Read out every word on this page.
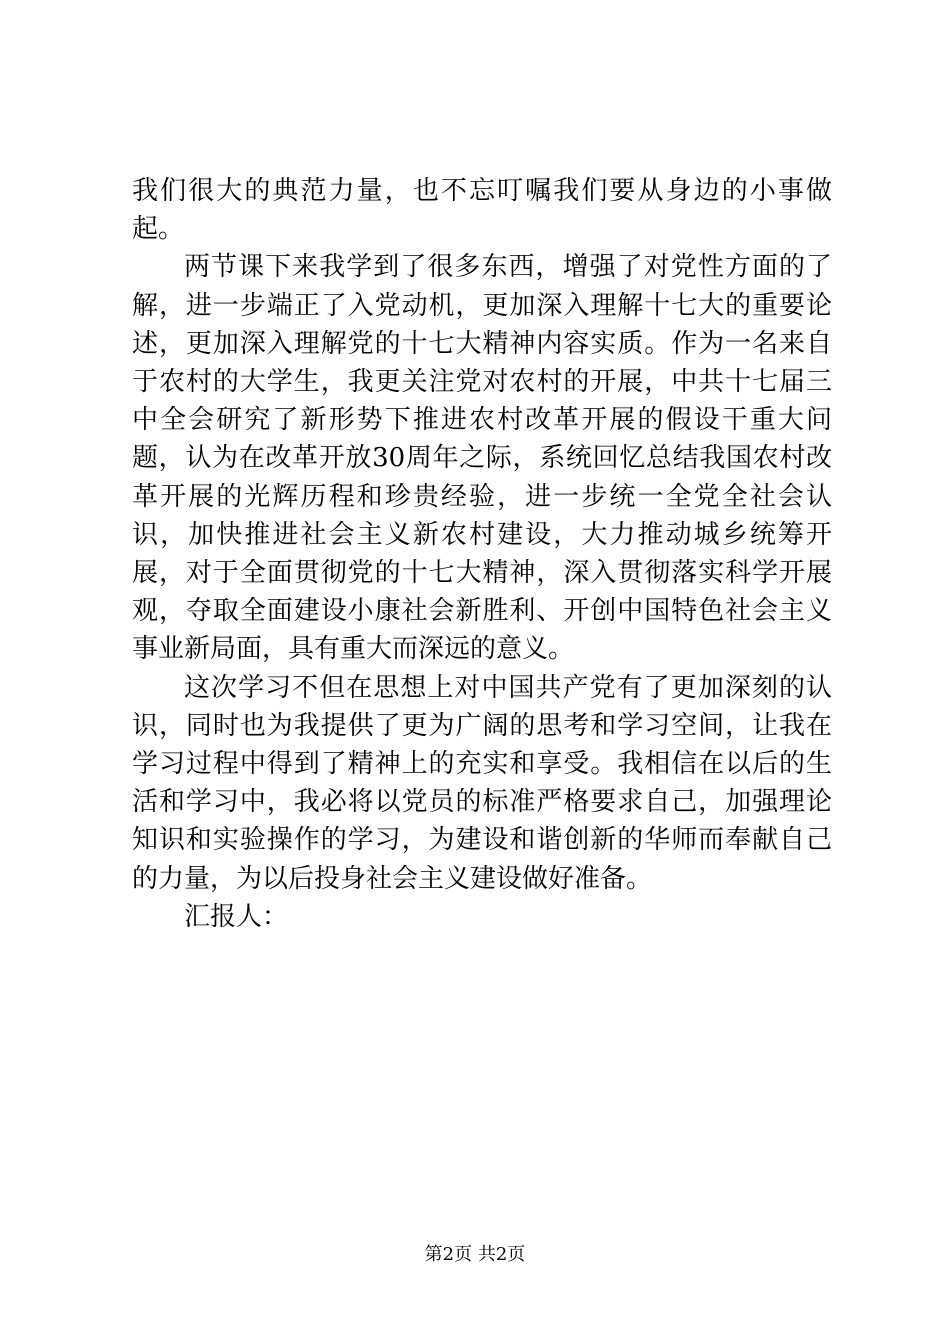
我们很大的典范力量，也不忘叮嘱我们要从身边的小事做起。

两节课下来我学到了很多东西，增强了对党性方面的了解，进一步端正了入党动机，更加深入理解十七大的重要论述，更加深入理解党的十七大精神内容实质。作为一名来自于农村的大学生，我更关注党对农村的开展，中共十七届三中全会研究了新形势下推进农村改革开展的假设干重大问题，认为在改革开放30周年之际，系统回忆总结我国农村改革开展的光辉历程和珍贵经验，进一步统一全党全社会认识，加快推进社会主义新农村建设，大力推动城乡统筹开展，对于全面贯彻党的十七大精神，深入贯彻落实科学开展观，夺取全面建设小康社会新胜利、开创中国特色社会主义事业新局面，具有重大而深远的意义。

这次学习不但在思想上对中国共产党有了更加深刻的认识，同时也为我提供了更为广阔的思考和学习空间，让我在学习过程中得到了精神上的充实和享受。我相信在以后的生活和学习中，我必将以党员的标准严格要求自己，加强理论知识和实验操作的学习，为建设和谐创新的华师而奉献自己的力量，为以后投身社会主义建设做好准备。

汇报人：

第2页 共2页
